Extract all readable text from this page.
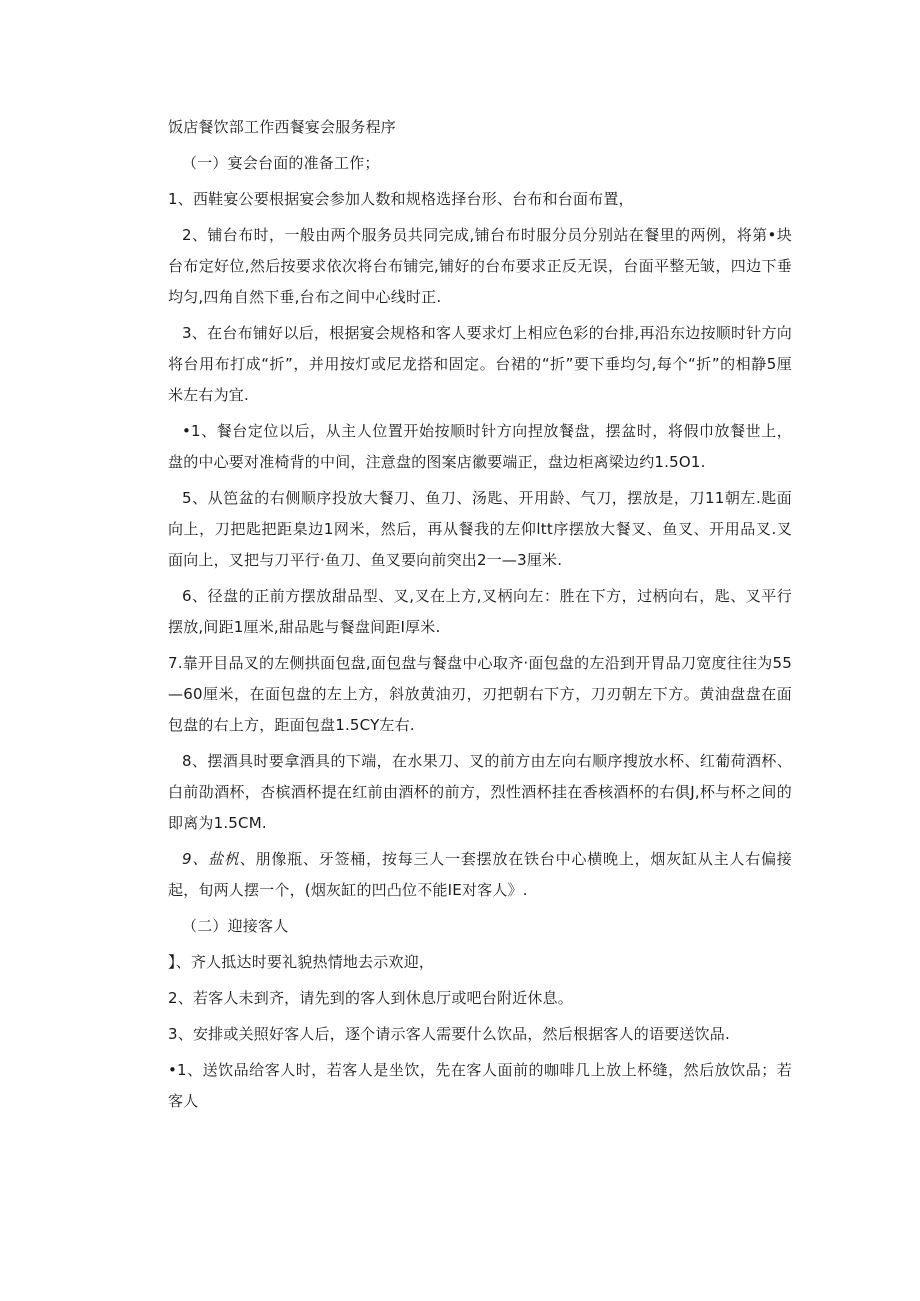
饭店餐饮部工作西餐宴会服务程序

（一）宴会台面的准备工作；

1、西鞋宴公要根据宴会参加人数和规格选择台形、台布和台面布置，

2、铺台布时，一般由两个服务员共同完成,铺台布时服分员分别站在餐里的两例，将第•块台布定好位,然后按要求依次将台布铺完,铺好的台布要求正反无误，台面平整无皱，四边下垂均匀,四角自然下垂,台布之间中心线时正.

3、在台布铺好以后，根据宴会规格和客人要求灯上相应色彩的台排,再沿东边按顺时针方向将台用布打成“折”，并用按灯或尼龙搭和固定。台裙的“折”要下垂均匀,每个“折”的相静5厘米左右为宜.

•1、餐台定位以后，从主人位置开始按顺时针方向捏放餐盘，摆盆时，将假巾放餐世上，盘的中心要对准椅背的中间，注意盘的图案店徽要端正，盘边柜离梁边约1.5O1.

5、从笆盆的右侧顺序投放大餐刀、鱼刀、汤匙、开用龄、气刀，摆放是，刀11朝左.匙面向上，刀把匙把距臬边1网米，然后，再从餐我的左仰ltt序摆放大餐叉、鱼叉、开用品叉.叉面向上，叉把与刀平行·鱼刀、鱼叉要向前突出2一—3厘米.

6、径盘的正前方摆放甜品型、叉,叉在上方,叉柄向左：胜在下方，过柄向右，匙、叉平行摆放,间距1厘米,甜品匙与餐盘间距I厚米.

7.靠开目品叉的左侧拱面包盘,面包盘与餐盘中心取齐·面包盘的左沿到开胃品刀宽度往往为55—60厘米，在面包盘的左上方，斜放黄油刃，刃把朝右下方，刀刃朝左下方。黄油盘盘在面包盘的右上方，距面包盘1.5CY左右.

8、摆酒具时要拿酒具的下端，在水果刀、叉的前方由左向右顺序搜放水杯、红葡荷酒杯、白前劭酒杯，杏槟酒杯提在红前由酒杯的前方，烈性酒杯挂在香核酒杯的右俱J,杯与杯之间的即离为1.5CM.

9、盐杋、朋像瓶、牙签桶，按每三人一套摆放在铁台中心横晚上，烟灰缸从主人右偏接起，旬两人摆一个，(烟灰缸的凹凸位不能IE对客人》.

（二）迎接客人

】、齐人抵达时要礼貌热情地去示欢迎，

2、若客人未到齐，请先到的客人到休息厅或吧台附近休息。

3、安排或关照好客人后，逐个请示客人需要什么饮品，然后根据客人的语要送饮品.

•1、送饮品给客人时，若客人是坐饮，先在客人面前的咖啡几上放上杯缝，然后放饮品；若客人
